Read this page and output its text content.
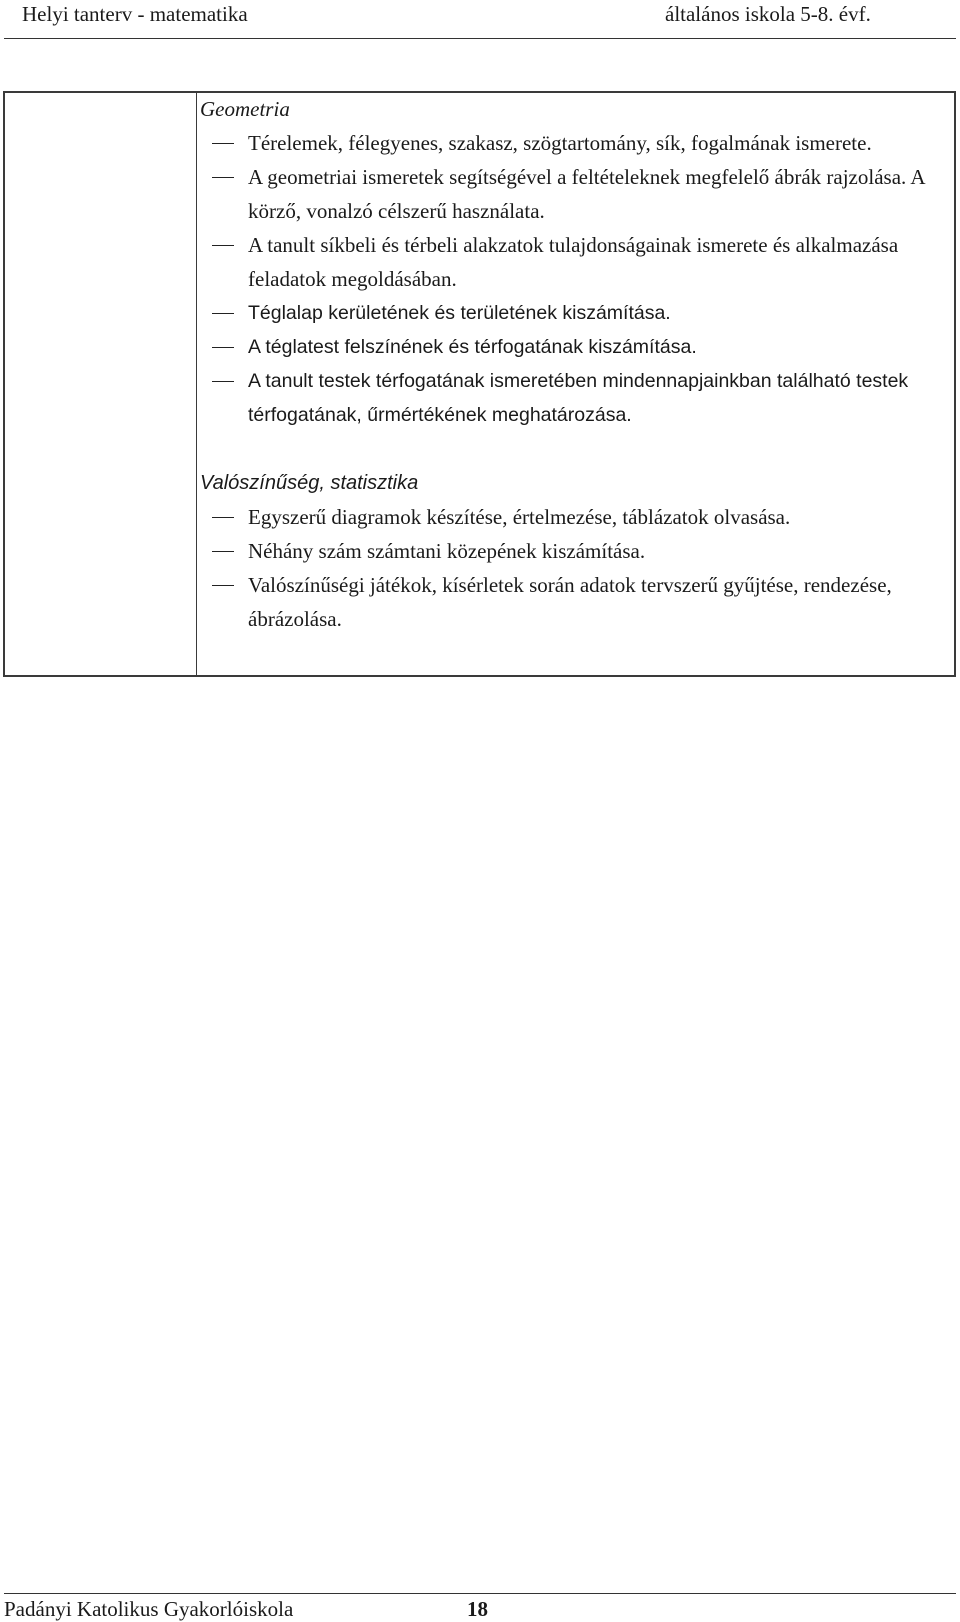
Helyi tanterv - matematika	általános iskola 5-8. évf.
Geometria
Térelemek, félegyenes, szakasz, szögtartomány, sík, fogalmának ismerete.
A geometriai ismeretek segítségével a feltételeknek megfelelő ábrák rajzolása. A körző, vonalzó célszerű használata.
A tanult síkbeli és térbeli alakzatok tulajdonságainak ismerete és alkalmazása feladatok megoldásában.
Téglalap kerületének és területének kiszámítása.
A téglatest felszínének és térfogatának kiszámítása.
A tanult testek térfogatának ismeretében mindennapjainkban található testek térfogatának, űrmértékének meghatározása.
Valószínűség, statisztika
Egyszerű diagramok készítése, értelmezése, táblázatok olvasása.
Néhány szám számtani közepének kiszámítása.
Valószínűségi játékok, kísérletek során adatok tervszerű gyűjtése, rendezése, ábrázolása.
Padányi Katolikus Gyakorlóiskola	18
